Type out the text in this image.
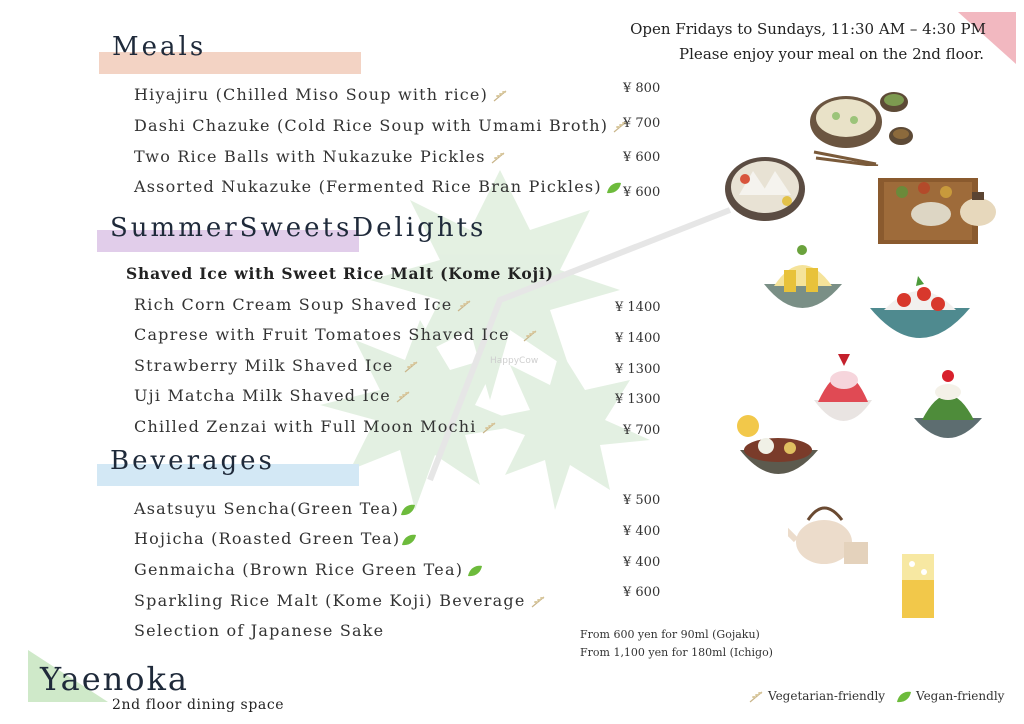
Open Fridays to Sundays, 11:30 AM – 4:30 PM
Please enjoy your meal on the 2nd floor.
Meals
Hiyajiru (Chilled Miso Soup with rice)	¥ 800
Dashi Chazuke (Cold Rice Soup with Umami Broth)	¥ 700
Two Rice Balls with Nukazuke Pickles	¥ 600
Assorted Nukazuke (Fermented Rice Bran Pickles)	¥ 600
SummerSweetsDelights
Shaved Ice with Sweet Rice Malt (Kome Koji)
Rich Corn Cream Soup Shaved Ice	¥ 1400
Caprese with Fruit Tomatoes Shaved Ice	¥ 1400
Strawberry Milk Shaved Ice	¥ 1300
Uji Matcha Milk Shaved Ice	¥ 1300
Chilled Zenzai with Full Moon Mochi	¥ 700
HappyCow
Beverages
Asatsuyu Sencha(Green Tea)	¥ 500
Hojicha (Roasted Green Tea)	¥ 400
Genmaicha (Brown Rice Green Tea)	¥ 400
Sparkling Rice Malt (Kome Koji) Beverage	¥ 600
Selection of Japanese Sake	From 600 yen for 90ml (Gojaku)
From 1,100 yen for 180ml (Ichigo)
Yaenoka
2nd floor dining space
Vegetarian-friendly	Vegan-friendly
